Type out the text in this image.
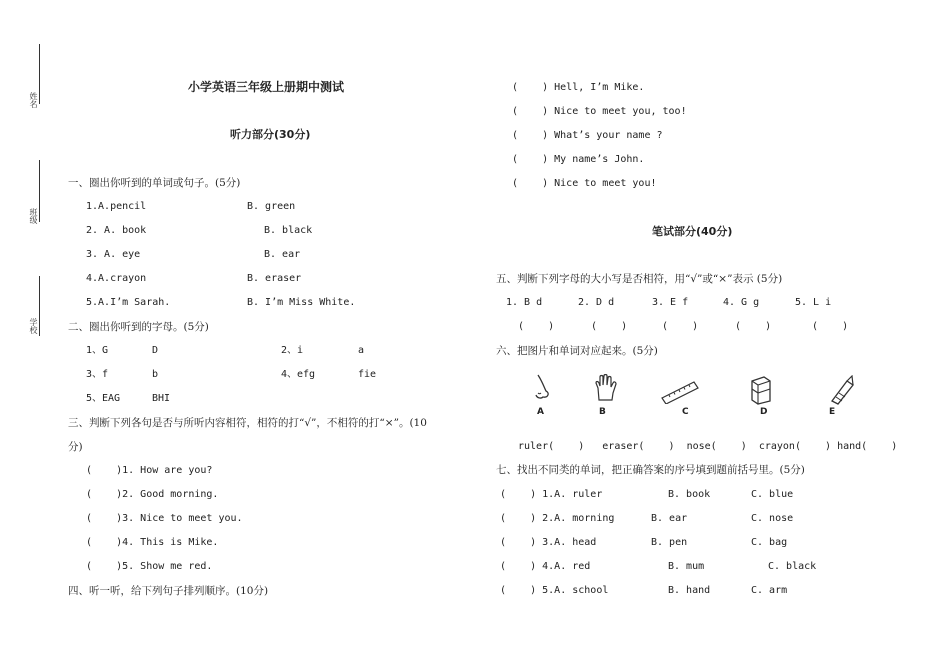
姓名
班级
学校
小学英语三年级上册期中测试
听力部分(30分)
一、圈出你听到的单词或句子。(5分)
1.A.pencil	B. green
2. A. book	B. black
3. A. eye	B. ear
4.A.crayon	B. eraser
5.A.I’m Sarah.	B. I’m Miss White.
二、圈出你听到的字母。(5分)
1、G	D	2、i	a
3、f	b	4、efg	fie
5、EAG	BHI
三、判断下列各句是否与所听内容相符，相符的打“√”，不相符的打“×”。(10
分)
(    )1. How are you?
(    )2. Good morning.
(    )3. Nice to meet you.
(    )4. This is Mike.
(    )5. Show me red.
四、听一听，给下列句子排列顺序。(10分)
(    ) Hell, I’m Mike.
(    ) Nice to meet you, too!
(    ) What’s your name ?
(    ) My name’s John.
(    ) Nice to meet you!
笔试部分(40分)
五、判断下列字母的大小写是否相符，用“√”或“×”表示 (5分)
1. B d	2. D d	3. E f	4. G g	5. L i
(    )	(    )	(    )	(    )	(    )
六、把图片和单词对应起来。(5分)
A	B	C	D	E
ruler(    )   eraser(    )  nose(    )  crayon(    ) hand(    )
七、找出不同类的单词，把正确答案的序号填到题前括号里。(5分)
(    ) 1.A. ruler	B. book	C. blue
(    ) 2.A. morning	B. ear	C. nose
(    ) 3.A. head	B. pen	C. bag
(    ) 4.A. red	B. mum	C. black
(    ) 5.A. school	B. hand	C. arm
